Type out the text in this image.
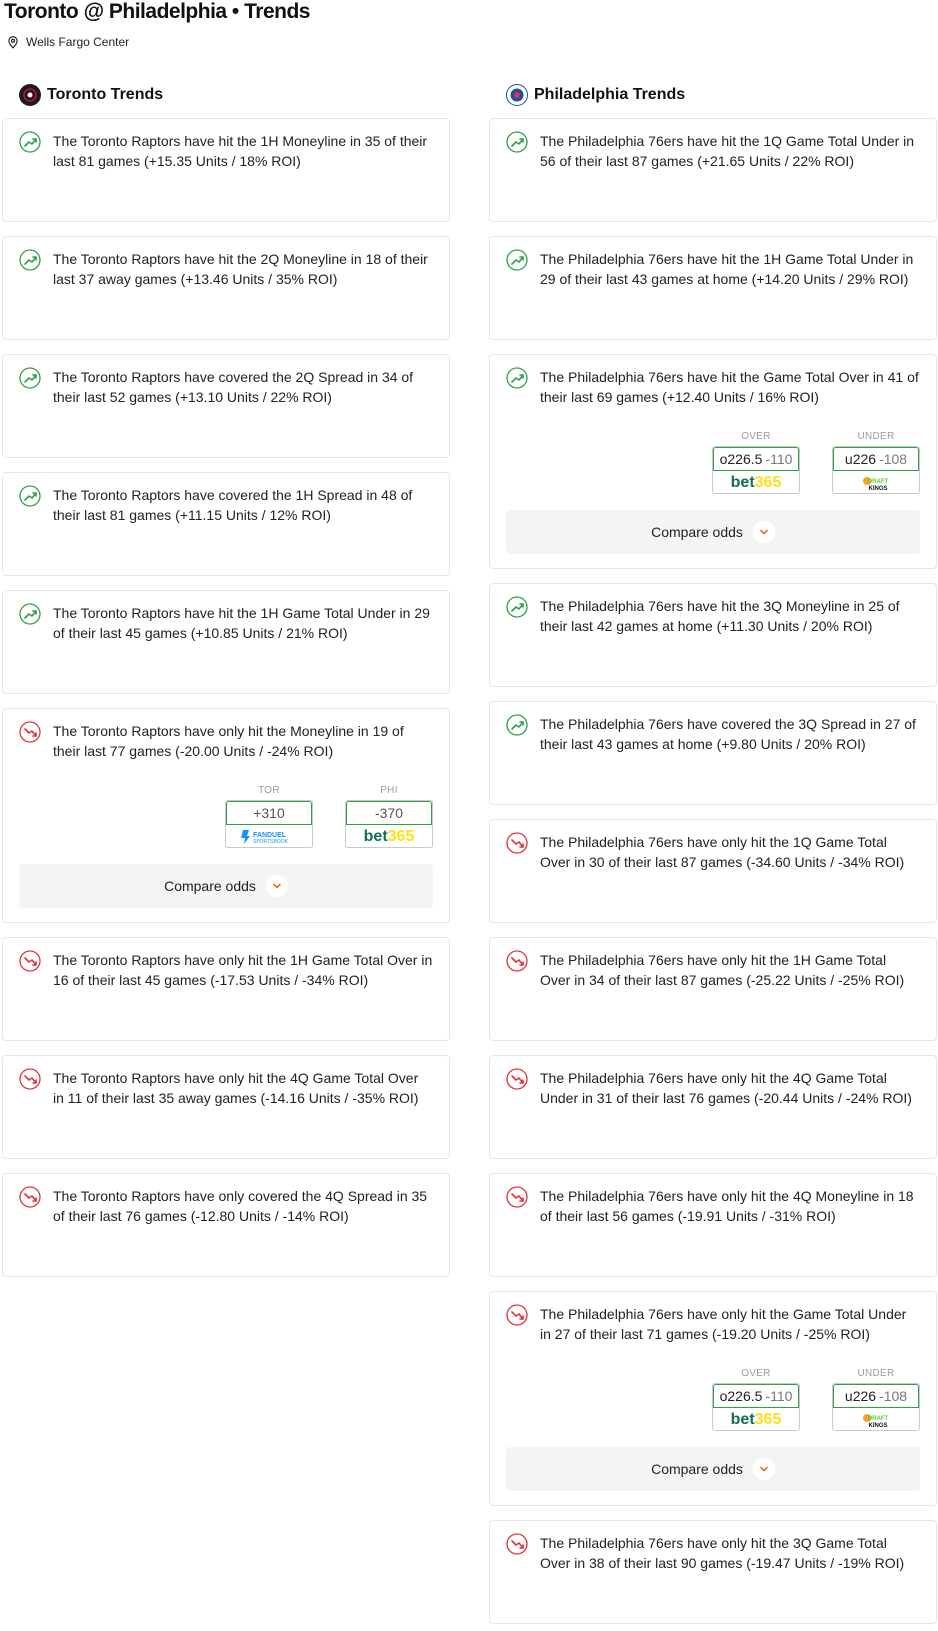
Toronto @ Philadelphia • Trends
Wells Fargo Center
Toronto Trends
The Toronto Raptors have hit the 1H Moneyline in 35 of their last 81 games (+15.35 Units / 18% ROI)
The Toronto Raptors have hit the 2Q Moneyline in 18 of their last 37 away games (+13.46 Units / 35% ROI)
The Toronto Raptors have covered the 2Q Spread in 34 of their last 52 games (+13.10 Units / 22% ROI)
The Toronto Raptors have covered the 1H Spread in 48 of their last 81 games (+11.15 Units / 12% ROI)
The Toronto Raptors have hit the 1H Game Total Under in 29 of their last 45 games (+10.85 Units / 21% ROI)
The Toronto Raptors have only hit the Moneyline in 19 of their last 77 games (-20.00 Units / -24% ROI)
TOR
+310
FANDUEL
SPORTSBOOK
PHI
-370
bet365
Compare odds
The Toronto Raptors have only hit the 1H Game Total Over in 16 of their last 45 games (-17.53 Units / -34% ROI)
The Toronto Raptors have only hit the 4Q Game Total Over in 11 of their last 35 away games (-14.16 Units / -35% ROI)
The Toronto Raptors have only covered the 4Q Spread in 35 of their last 76 games (-12.80 Units / -14% ROI)
Philadelphia Trends
The Philadelphia 76ers have hit the 1Q Game Total Under in 56 of their last 87 games (+21.65 Units / 22% ROI)
The Philadelphia 76ers have hit the 1H Game Total Under in 29 of their last 43 games at home (+14.20 Units / 29% ROI)
The Philadelphia 76ers have hit the Game Total Over in 41 of their last 69 games (+12.40 Units / 16% ROI)
OVER
o226.5 -110
bet365
UNDER
u226 -108
DRAFT
KINGS
Compare odds
The Philadelphia 76ers have hit the 3Q Moneyline in 25 of their last 42 games at home (+11.30 Units / 20% ROI)
The Philadelphia 76ers have covered the 3Q Spread in 27 of their last 43 games at home (+9.80 Units / 20% ROI)
The Philadelphia 76ers have only hit the 1Q Game Total Over in 30 of their last 87 games (-34.60 Units / -34% ROI)
The Philadelphia 76ers have only hit the 1H Game Total Over in 34 of their last 87 games (-25.22 Units / -25% ROI)
The Philadelphia 76ers have only hit the 4Q Game Total Under in 31 of their last 76 games (-20.44 Units / -24% ROI)
The Philadelphia 76ers have only hit the 4Q Moneyline in 18 of their last 56 games (-19.91 Units / -31% ROI)
The Philadelphia 76ers have only hit the Game Total Under in 27 of their last 71 games (-19.20 Units / -25% ROI)
OVER
o226.5 -110
bet365
UNDER
u226 -108
DRAFT
KINGS
Compare odds
The Philadelphia 76ers have only hit the 3Q Game Total Over in 38 of their last 90 games (-19.47 Units / -19% ROI)
